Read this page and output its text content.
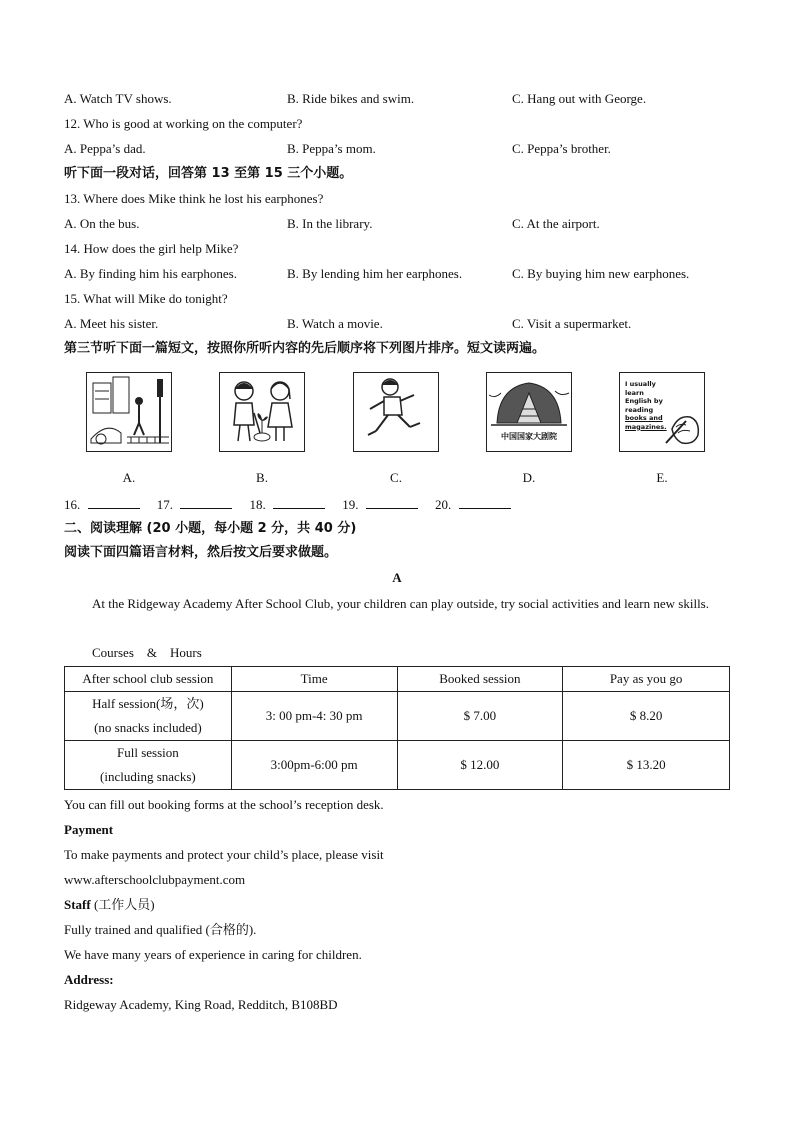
A. Watch TV shows.	B. Ride bikes and swim.	C. Hang out with George.
12. Who is good at working on the computer?
A. Peppa’s dad.	B. Peppa’s mom.	C. Peppa’s brother.
听下面一段对话，回答第 13 至第 15 三个小题。
13. Where does Mike think he lost his earphones?
A. On the bus.	B. In the library.	C. At the airport.
14. How does the girl help Mike?
A. By finding him his earphones.	B. By lending him her earphones.	C. By buying him new earphones.
15. What will Mike do tonight?
A. Meet his sister.	B. Watch a movie.	C. Visit a supermarket.
第三节听下面一篇短文，按照你所听内容的先后顺序将下列图片排序。短文读两遍。
A.	B.	C.
中国国家大剧院
D.
I usually
learn
English by
reading
books and
magazines.
E.
16.	17.	18.	19.	20.
二、阅读理解 (20 小题，每小题 2 分，共 40 分)
阅读下面四篇语言材料，然后按文后要求做题。
A
At the Ridgeway Academy After School Club, your children can play outside, try social activities and learn new skills.
Courses    &    Hours
After school club session	Time	Booked session	Pay as you go

Half session(场，次)
(no snacks included)	3: 00 pm-4: 30 pm	$ 7.00	$ 8.20

Full session
(including snacks)	3:00pm-6:00 pm	$ 12.00	$ 13.20
You can fill out booking forms at the school’s reception desk.
Payment
To make payments and protect your child’s place, please visit
www.afterschoolclubpayment.com
Staff (工作人员)
Fully trained and qualified (合格的).
We have many years of experience in caring for children.
Address:
Ridgeway Academy, King Road, Redditch, B108BD
